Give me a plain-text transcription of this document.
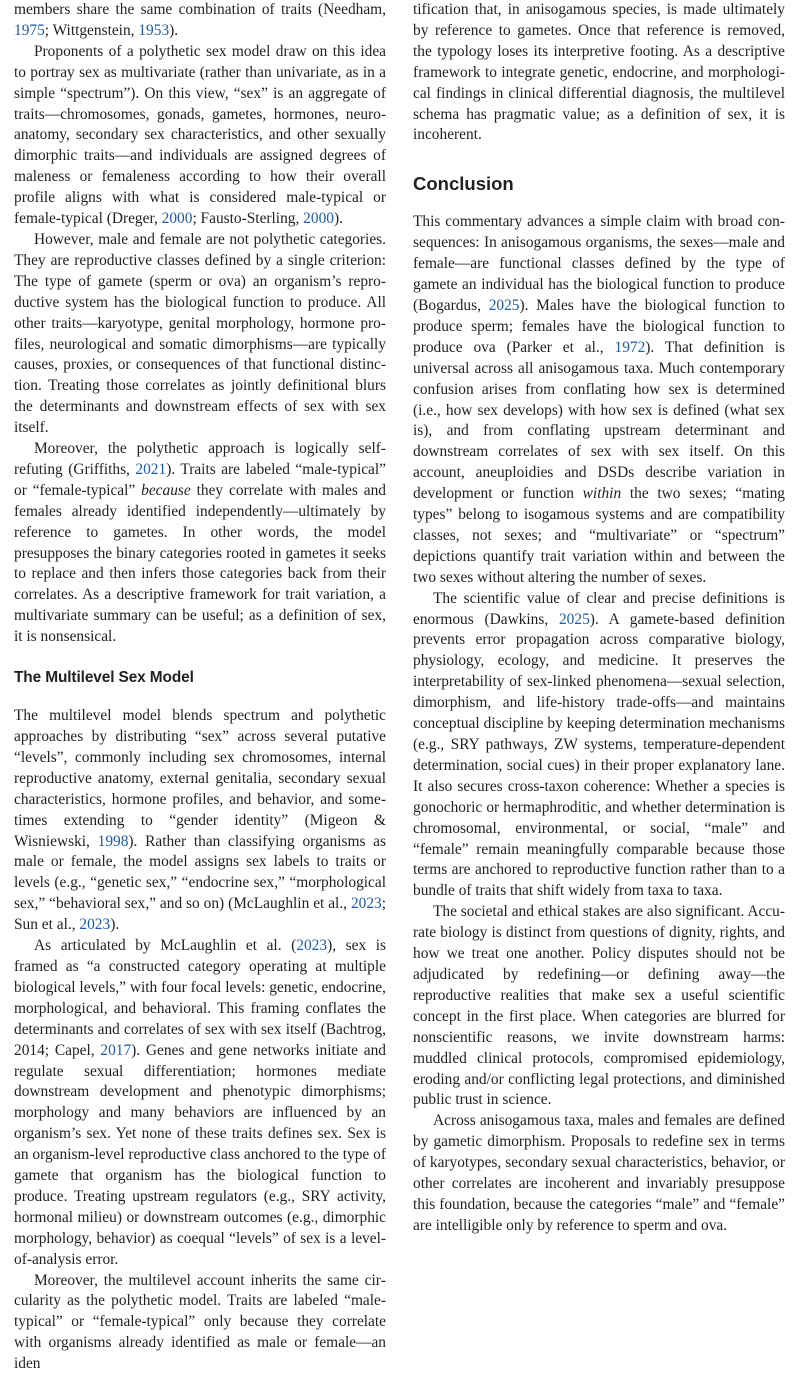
members share the same combination of traits (Needham, 1975; Wittgenstein, 1953).

Proponents of a polythetic sex model draw on this idea to portray sex as multivariate (rather than univariate, as in a simple “spectrum”). On this view, “sex” is an aggregate of traits—chromosomes, gonads, gametes, hormones, neuroanatomy, secondary sex characteristics, and other sexually dimorphic traits—and individuals are assigned degrees of maleness or femaleness according to how their overall profile aligns with what is considered male-typical or female-typical (Dreger, 2000; Fausto-Sterling, 2000).

However, male and female are not polythetic categories. They are reproductive classes defined by a single criterion: The type of gamete (sperm or ova) an organism’s reproductive system has the biological function to produce. All other traits—karyotype, genital morphology, hormone profiles, neurological and somatic dimorphisms—are typically causes, proxies, or consequences of that functional distinction. Treating those correlates as jointly definitional blurs the determinants and downstream effects of sex with sex itself.

Moreover, the polythetic approach is logically self-refuting (Griffiths, 2021). Traits are labeled “male-typical” or “female-typical” because they correlate with males and females already identified independently—ultimately by reference to gametes. In other words, the model presupposes the binary categories rooted in gametes it seeks to replace and then infers those categories back from their correlates. As a descriptive framework for trait variation, a multivariate summary can be useful; as a definition of sex, it is nonsensical.

The Multilevel Sex Model

The multilevel model blends spectrum and polythetic approaches by distributing “sex” across several putative “levels”, commonly including sex chromosomes, internal reproductive anatomy, external genitalia, secondary sexual characteristics, hormone profiles, and behavior, and sometimes extending to “gender identity” (Migeon & Wisniewski, 1998). Rather than classifying organisms as male or female, the model assigns sex labels to traits or levels (e.g., “genetic sex,” “endocrine sex,” “morphological sex,” “behavioral sex,” and so on) (McLaughlin et al., 2023; Sun et al., 2023).

As articulated by McLaughlin et al. (2023), sex is framed as “a constructed category operating at multiple biological levels,” with four focal levels: genetic, endocrine, morphological, and behavioral. This framing conflates the determinants and correlates of sex with sex itself (Bachtrog, 2014; Capel, 2017). Genes and gene networks initiate and regulate sexual differentiation; hormones mediate downstream development and phenotypic dimorphisms; morphology and many behaviors are influenced by an organism’s sex. Yet none of these traits defines sex. Sex is an organism-level reproductive class anchored to the type of gamete that organism has the biological function to produce. Treating upstream regulators (e.g., SRY activity, hormonal milieu) or downstream outcomes (e.g., dimorphic morphology, behavior) as coequal “levels” of sex is a level-of-analysis error.

Moreover, the multilevel account inherits the same circularity as the polythetic model. Traits are labeled “male-typical” or “female-typical” only because they correlate with organisms already identified as male or female—an iden

tification that, in anisogamous species, is made ultimately by reference to gametes. Once that reference is removed, the typology loses its interpretive footing. As a descriptive framework to integrate genetic, endocrine, and morphological findings in clinical differential diagnosis, the multilevel schema has pragmatic value; as a definition of sex, it is incoherent.

Conclusion

This commentary advances a simple claim with broad consequences: In anisogamous organisms, the sexes—male and female—are functional classes defined by the type of gamete an individual has the biological function to produce (Bogardus, 2025). Males have the biological function to produce sperm; females have the biological function to produce ova (Parker et al., 1972). That definition is universal across all anisogamous taxa. Much contemporary confusion arises from conflating how sex is determined (i.e., how sex develops) with how sex is defined (what sex is), and from conflating upstream determinant and downstream correlates of sex with sex itself. On this account, aneuploidies and DSDs describe variation in development or function within the two sexes; “mating types” belong to isogamous systems and are compatibility classes, not sexes; and “multivariate” or “spectrum” depictions quantify trait variation within and between the two sexes without altering the number of sexes.

The scientific value of clear and precise definitions is enormous (Dawkins, 2025). A gamete-based definition prevents error propagation across comparative biology, physiology, ecology, and medicine. It preserves the interpretability of sex-linked phenomena—sexual selection, dimorphism, and life-history trade-offs—and maintains conceptual discipline by keeping determination mechanisms (e.g., SRY pathways, ZW systems, temperature-dependent determination, social cues) in their proper explanatory lane. It also secures cross-taxon coherence: Whether a species is gonochoric or hermaphroditic, and whether determination is chromosomal, environmental, or social, “male” and “female” remain meaningfully comparable because those terms are anchored to reproductive function rather than to a bundle of traits that shift widely from taxa to taxa.

The societal and ethical stakes are also significant. Accurate biology is distinct from questions of dignity, rights, and how we treat one another. Policy disputes should not be adjudicated by redefining—or defining away—the reproductive realities that make sex a useful scientific concept in the first place. When categories are blurred for nonscientific reasons, we invite downstream harms: muddled clinical protocols, compromised epidemiology, eroding and/or conflicting legal protections, and diminished public trust in science.

Across anisogamous taxa, males and females are defined by gametic dimorphism. Proposals to redefine sex in terms of karyotypes, secondary sexual characteristics, behavior, or other correlates are incoherent and invariably presuppose this foundation, because the categories “male” and “female” are intelligible only by reference to sperm and ova.
